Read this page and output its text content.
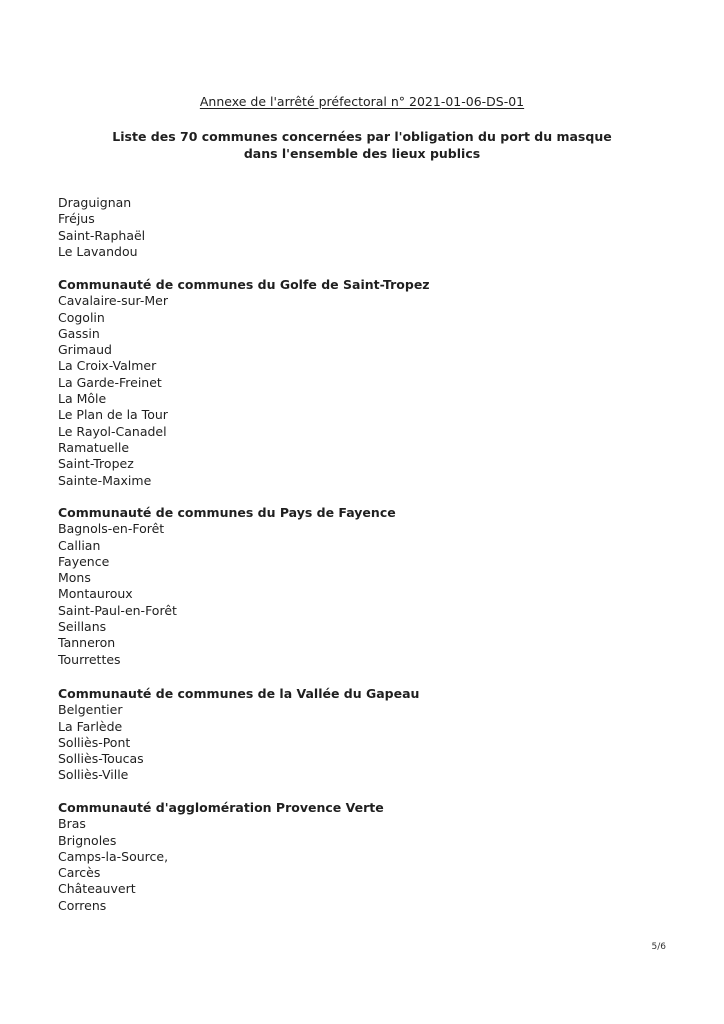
Annexe de l'arrêté préfectoral n° 2021-01-06-DS-01
Liste des 70 communes concernées par l'obligation du port du masque
dans l'ensemble des lieux publics
Draguignan
Fréjus
Saint-Raphaël
Le Lavandou
Communauté de communes du Golfe de Saint-Tropez
Cavalaire-sur-Mer
Cogolin
Gassin
Grimaud
La Croix-Valmer
La Garde-Freinet
La Môle
Le Plan de la Tour
Le Rayol-Canadel
Ramatuelle
Saint-Tropez
Sainte-Maxime
Communauté de communes du Pays de Fayence
Bagnols-en-Forêt
Callian
Fayence
Mons
Montauroux
Saint-Paul-en-Forêt
Seillans
Tanneron
Tourrettes
Communauté de communes de la Vallée du Gapeau
Belgentier
La Farlède
Solliès-Pont
Solliès-Toucas
Solliès-Ville
Communauté d'agglomération Provence Verte
Bras
Brignoles
Camps-la-Source,
Carcès
Châteauvert
Correns
5/6
